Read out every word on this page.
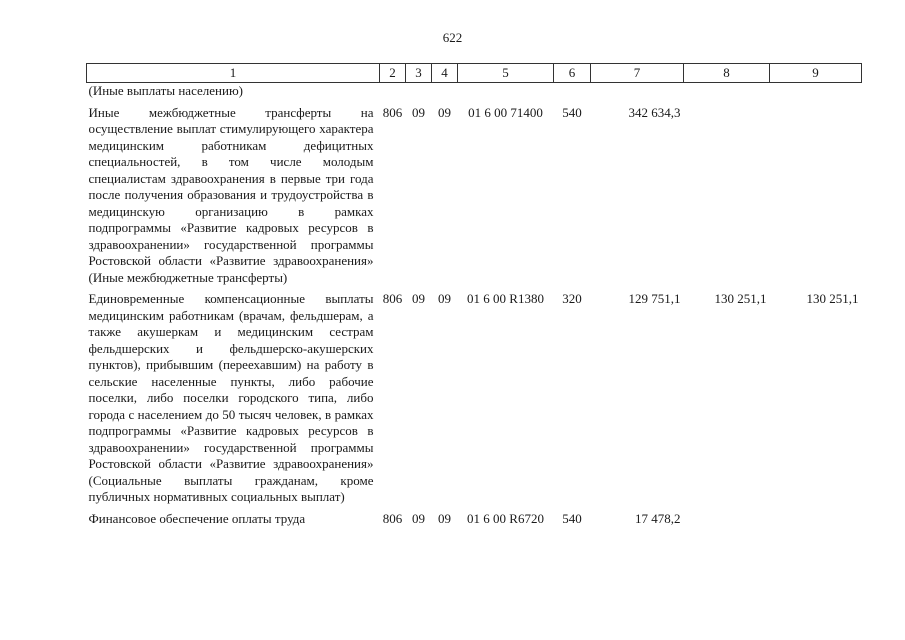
622
1	2	3	4	5	6	7	8	9
(Иные выплаты населению)								
Иные межбюджетные трансферты на осуществление выплат стимулирующего характера медицинским работникам дефицитных специальностей, в том числе молодым специалистам здравоохранения в первые три года после получения образования и трудоустройства в медицинскую организацию в рамках подпрограммы «Развитие кадровых ресурсов в здравоохранении» государственной программы Ростовской области «Развитие здравоохранения» (Иные межбюджетные трансферты)	806	09	09	01 6 00 71400	540	342 634,3		
Единовременные компенсационные выплаты медицинским работникам (врачам, фельдшерам, а также акушеркам и медицинским сестрам фельдшерских и фельдшерско-акушерских пунктов), прибывшим (переехавшим) на работу в сельские населенные пункты, либо рабочие поселки, либо поселки городского типа, либо города с населением до 50 тысяч человек, в рамках подпрограммы «Развитие кадровых ресурсов в здравоохранении» государственной программы Ростовской области «Развитие здравоохранения» (Социальные выплаты гражданам, кроме публичных нормативных социальных выплат)	806	09	09	01 6 00 R1380	320	129 751,1	130 251,1	130 251,1
Финансовое обеспечение оплаты труда	806	09	09	01 6 00 R6720	540	17 478,2		
